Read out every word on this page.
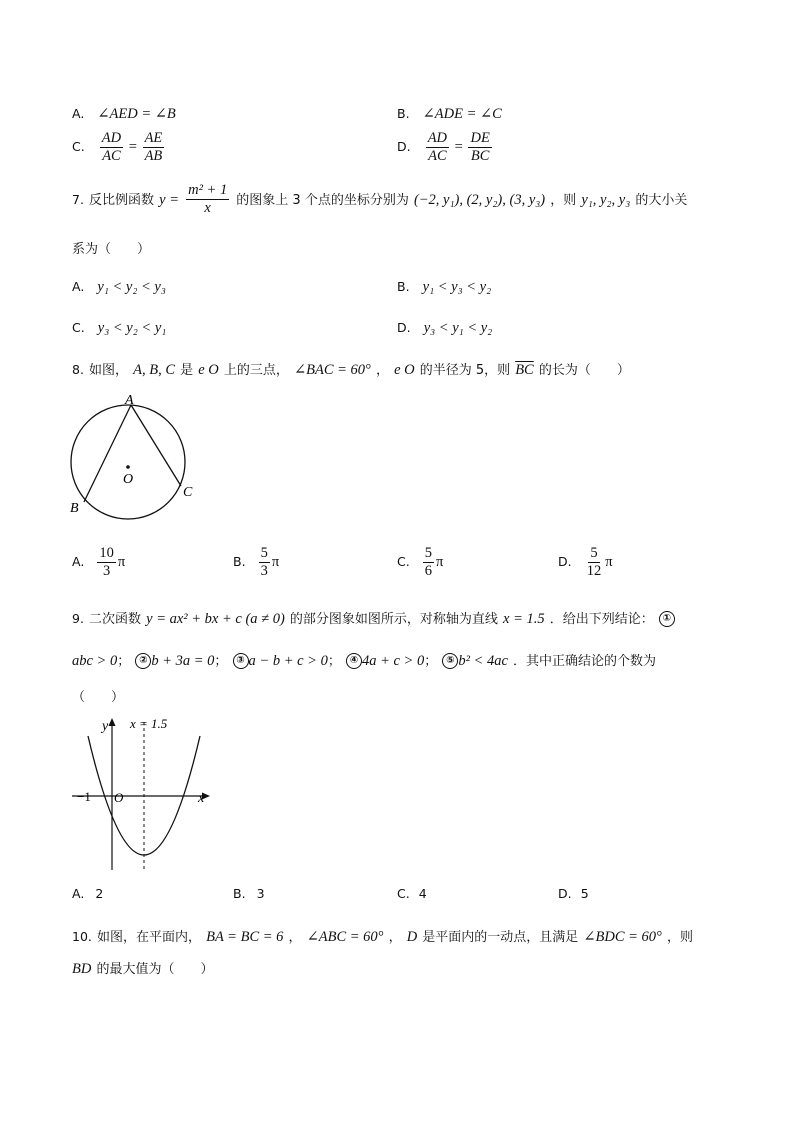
A. ∠AED = ∠B	B. ∠ADE = ∠C
C. $\frac{AD}{AC} = \frac{AE}{AB}$	D. $\frac{AD}{AC} = \frac{DE}{BC}$
7. 反比例函数 $y = \frac{\text{m² + 1}}{x}$ 的图象上 3 个点的坐标分别为 (−2, y₁), (2, y₂), (3, y₃) ，则 y₁, y₂, y₃ 的大小关
系为（　　）
A. y₁ < y₂ < y₃	B. y₁ < y₃ < y₂
C. y₃ < y₂ < y₁	D. y₃ < y₁ < y₂
8. 如图， A, B, C 是 e O 上的三点， ∠BAC = 60° ， e O 的半径为 5，则 $\overline{BC}$ 的长为（　　）
A
O
C
B
A. $\frac{10}{3}$ π	B. $\frac{5}{3}$ π	C. $\frac{5}{6}$ π	D. $\frac{5}{12}$ π
9. 二次函数 y = ax² + bx + c (a ≠ 0) 的部分图象如图所示，对称轴为直线 x = 1.5 ．给出下列结论： ①
abc > 0； ② b + 3a = 0； ③ a − b + c > 0； ④ 4a + c > 0； ⑤ b² < 4ac ．其中正确结论的个数为
（　　）
y x = 1.5
−1 O	x
A. 2	B. 3	C. 4	D. 5
10. 如图，在平面内， BA = BC = 6 ， ∠ABC = 60° ， D 是平面内的一动点，且满足 ∠BDC = 60° ，则
BD 的最大值为（　　）
